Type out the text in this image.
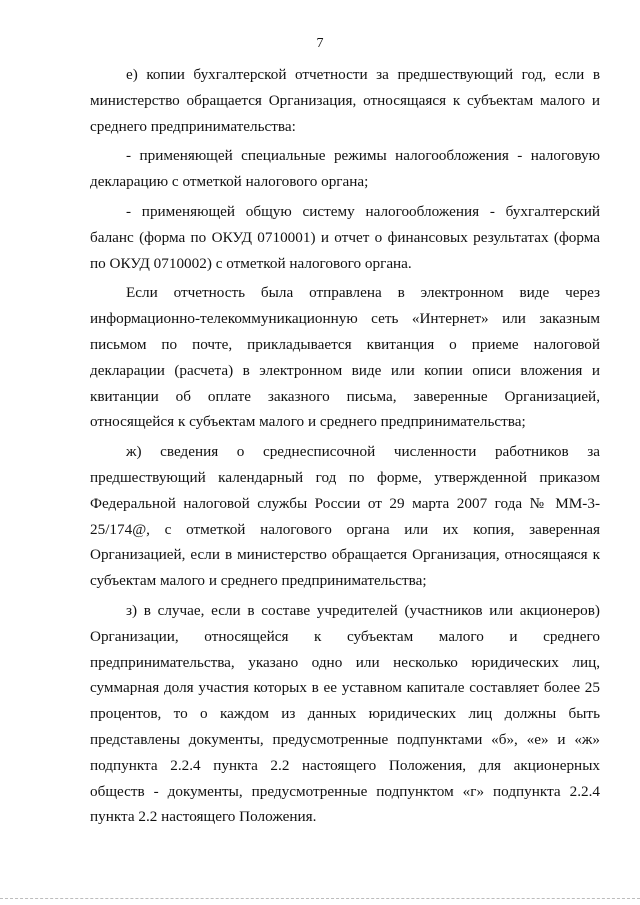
7

е) копии бухгалтерской отчетности за предшествующий год, если в
министерство обращается Организация, относящаяся к субъектам малого и
среднего предпринимательства:

- применяющей специальные режимы налогообложения - налоговую
декларацию с отметкой налогового органа;

- применяющей общую систему налогообложения - бухгалтерский
баланс (форма по ОКУД 0710001) и отчет о финансовых результатах (форма
по ОКУД 0710002) с отметкой налогового органа.

Если отчетность была отправлена в электронном виде через
информационно-телекоммуникационную сеть «Интернет» или заказным
письмом по почте, прикладывается квитанция о приеме налоговой
декларации (расчета) в электронном виде или копии описи вложения и
квитанции об оплате заказного письма, заверенные Организацией,
относящейся к субъектам малого и среднего предпринимательства;

ж) сведения о среднесписочной численности работников за
предшествующий календарный год по форме, утвержденной приказом
Федеральной налоговой службы России от 29 марта 2007 года № ММ-3-
25/174@, с отметкой налогового органа или их копия, заверенная
Организацией, если в министерство обращается Организация, относящаяся к
субъектам малого и среднего предпринимательства;

з) в случае, если в составе учредителей (участников или акционеров)
Организации, относящейся к субъектам малого и среднего
предпринимательства, указано одно или несколько юридических лиц,
суммарная доля участия которых в ее уставном капитале составляет более 25
процентов, то о каждом из данных юридических лиц должны быть
представлены документы, предусмотренные подпунктами «б», «е» и «ж»
подпункта 2.2.4 пункта 2.2 настоящего Положения, для акционерных
обществ - документы, предусмотренные подпунктом «г» подпункта 2.2.4
пункта 2.2 настоящего Положения.
